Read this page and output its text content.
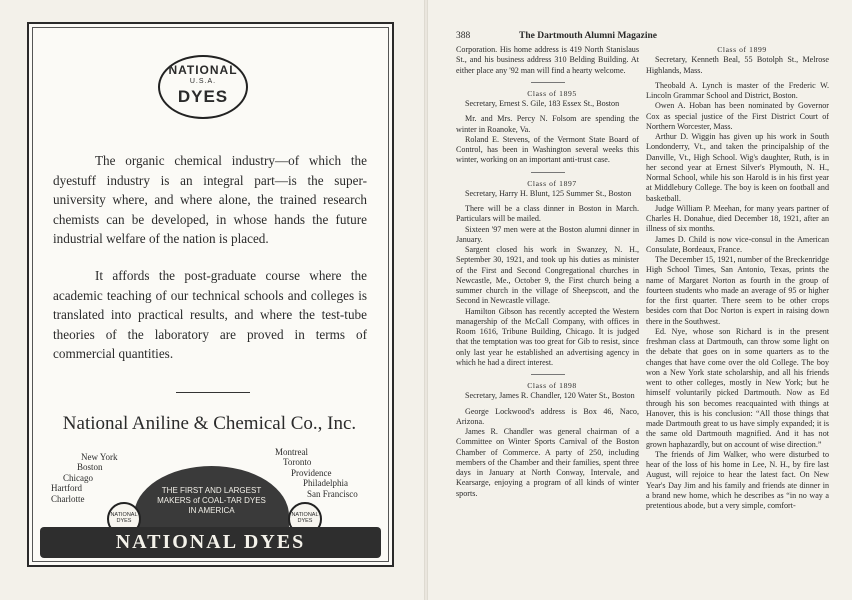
NATIONAL
U.S.A.
DYES
The organic chemical industry—of which the dyestuff industry is an integral part—is the super-university where, and where alone, the trained research chemists can be developed, in whose hands the future industrial welfare of the nation is placed.
It affords the post-graduate course where the academic teaching of our technical schools and colleges is translated into practical results, and where the test-tube theories of the laboratory are proved in terms of commercial quantities.
National Aniline & Chemical Co., Inc.
New York
Boston
Chicago
Hartford
Charlotte
Montreal
Toronto
Providence
Philadelphia
San Francisco
THE FIRST AND LARGEST
MAKERS of COAL-TAR DYES
IN AMERICA
NATIONAL
DYES
NATIONAL
DYES
NATIONAL DYES
388	The Dartmouth Alumni Magazine

Corporation. His home address is 419 North Stanislaus St., and his business address 310 Belding Building. At either place any '92 man will find a hearty welcome.

Class of 1895

Secretary, Ernest S. Gile, 183 Essex St., Boston

Mr. and Mrs. Percy N. Folsom are spending the winter in Roanoke, Va.

Roland E. Stevens, of the Vermont State Board of Control, has been in Washington several weeks this winter, working on an important anti-trust case.

Class of 1897

Secretary, Harry H. Blunt, 125 Summer St., Boston

There will be a class dinner in Boston in March. Particulars will be mailed.

Sixteen '97 men were at the Boston alumni dinner in January.

Sargent closed his work in Swanzey, N. H., September 30, 1921, and took up his duties as minister of the First and Second Congregational churches in Newcastle, Me., October 9, the First church being a summer church in the village of Sheepscott, and the Second in Newcastle village.

Hamilton Gibson has recently accepted the Western managership of the McCall Company, with offices in Room 1616, Tribune Building, Chicago. It is judged that the temptation was too great for Gib to resist, since only last year he established an advertising agency in which he had a direct interest.

Class of 1898

Secretary, James R. Chandler, 120 Water St., Boston

George Lockwood's address is Box 46, Naco, Arizona.

James R. Chandler was general chairman of a Committee on Winter Sports Carnival of the Boston Chamber of Commerce. A party of 250, including members of the Chamber and their families, spent three days in January at North Conway, Intervale, and Kearsarge, enjoying a program of all kinds of winter sports.

Class of 1899

Secretary, Kenneth Beal, 55 Botolph St., Melrose Highlands, Mass.

Theobald A. Lynch is master of the Frederic W. Lincoln Grammar School and District, Boston.

Owen A. Hoban has been nominated by Governor Cox as special justice of the First District Court of Northern Worcester, Mass.

Arthur D. Wiggin has given up his work in South Londonderry, Vt., and taken the principalship of the Danville, Vt., High School. Wig's daughter, Ruth, is in her second year at Ernest Silver's Plymouth, N. H., Normal School, while his son Harold is in his first year at Middlebury College. The boy is keen on football and basketball.

Judge William P. Meehan, for many years partner of Charles H. Donahue, died December 18, 1921, after an illness of six months.

James D. Child is now vice-consul in the American Consulate, Bordeaux, France.

The December 15, 1921, number of the Breckenridge High School Times, San Antonio, Texas, prints the name of Margaret Norton as fourth in the group of fourteen students who made an average of 95 or higher for the first quarter. There seem to be other crops besides corn that Doc Norton is expert in raising down there in the Southwest.

Ed. Nye, whose son Richard is in the present freshman class at Dartmouth, can throw some light on the debate that goes on in some quarters as to the changes that have come over the old College. The boy won a New York state scholarship, and all his friends went to other colleges, mostly in New York; but he himself voluntarily picked Dartmouth. Now as Ed through his son becomes reacquainted with things at Hanover, this is his conclusion: “All those things that made Dartmouth great to us have simply expanded; it is the same old Dartmouth magnified. And it has not grown haphazardly, but on account of wise direction.”

The friends of Jim Walker, who were disturbed to hear of the loss of his home in Lee, N. H., by fire last August, will rejoice to hear the latest fact. On New Year's Day Jim and his family and friends ate dinner in a brand new home, which he describes as “in no way a pretentious abode, but a very simple, comfort-
